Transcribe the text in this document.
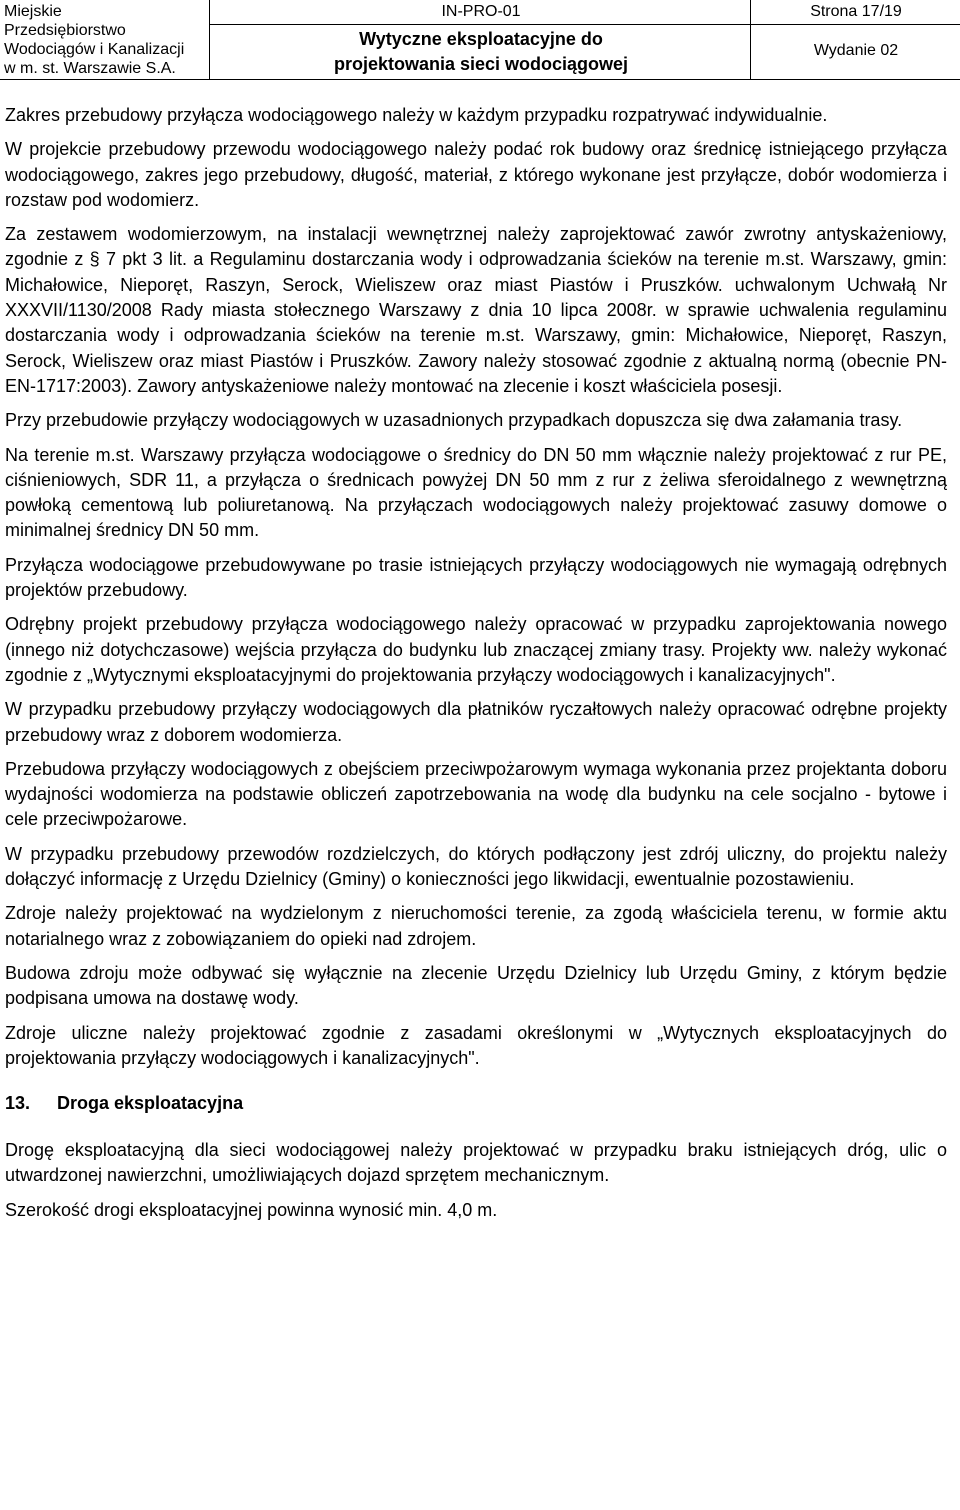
Miejskie
Przedsiębiorstwo
Wodociągów i Kanalizacji
w m. st. Warszawie S.A.
IN-PRO-01
Wytyczne eksploatacyjne do
projektowania sieci wodociągowej
Strona 17/19
Wydanie 02

Zakres przebudowy przyłącza wodociągowego należy w każdym przypadku rozpatrywać indywidualnie.

W projekcie przebudowy przewodu wodociągowego należy podać rok budowy oraz średnicę istniejącego przyłącza wodociągowego, zakres jego przebudowy, długość, materiał, z którego wykonane jest przyłącze, dobór wodomierza i rozstaw pod wodomierz.

Za zestawem wodomierzowym, na instalacji wewnętrznej należy zaprojektować zawór zwrotny antyskażeniowy, zgodnie z § 7 pkt 3 lit. a Regulaminu dostarczania wody i odprowadzania ścieków na terenie m.st. Warszawy, gmin: Michałowice, Nieporęt, Raszyn, Serock, Wieliszew oraz miast Piastów i Pruszków. uchwalonym Uchwałą Nr XXXVII/1130/2008 Rady miasta stołecznego Warszawy z dnia 10 lipca 2008r. w sprawie uchwalenia regulaminu dostarczania wody i odprowadzania ścieków na terenie m.st. Warszawy, gmin: Michałowice, Nieporęt, Raszyn, Serock, Wieliszew oraz miast Piastów i Pruszków. Zawory należy stosować zgodnie z aktualną normą (obecnie PN-EN-1717:2003). Zawory antyskażeniowe należy montować na zlecenie i koszt właściciela posesji.

Przy przebudowie przyłączy wodociągowych w uzasadnionych przypadkach dopuszcza się dwa załamania trasy.

Na terenie m.st. Warszawy przyłącza wodociągowe o średnicy do DN 50 mm włącznie należy projektować z rur PE, ciśnieniowych, SDR 11, a przyłącza o średnicach powyżej DN 50 mm z rur z żeliwa sferoidalnego z wewnętrzną powłoką cementową lub poliuretanową. Na przyłączach wodociągowych należy projektować zasuwy domowe o minimalnej średnicy DN 50 mm.

Przyłącza wodociągowe przebudowywane po trasie istniejących przyłączy wodociągowych nie wymagają odrębnych projektów przebudowy.

Odrębny projekt przebudowy przyłącza wodociągowego należy opracować w przypadku zaprojektowania nowego (innego niż dotychczasowe) wejścia przyłącza do budynku lub znaczącej zmiany trasy. Projekty ww. należy wykonać zgodnie z „Wytycznymi eksploatacyjnymi do projektowania przyłączy wodociągowych i kanalizacyjnych".

W przypadku przebudowy przyłączy wodociągowych dla płatników ryczałtowych należy opracować odrębne projekty przebudowy wraz z doborem wodomierza.

Przebudowa przyłączy wodociągowych z obejściem przeciwpożarowym wymaga wykonania przez projektanta doboru wydajności wodomierza na podstawie obliczeń zapotrzebowania na wodę dla budynku na cele socjalno - bytowe i cele przeciwpożarowe.

W przypadku przebudowy przewodów rozdzielczych, do których podłączony jest zdrój uliczny, do projektu należy dołączyć informację z Urzędu Dzielnicy (Gminy) o konieczności jego likwidacji, ewentualnie pozostawieniu.

Zdroje należy projektować na wydzielonym z nieruchomości terenie, za zgodą właściciela terenu, w formie aktu notarialnego wraz z zobowiązaniem do opieki nad zdrojem.

Budowa zdroju może odbywać się wyłącznie na zlecenie Urzędu Dzielnicy lub Urzędu Gminy, z którym będzie podpisana umowa na dostawę wody.

Zdroje uliczne należy projektować zgodnie z zasadami określonymi w „Wytycznych eksploatacyjnych do projektowania przyłączy wodociągowych i kanalizacyjnych".

13.	Droga eksploatacyjna

Drogę eksploatacyjną dla sieci wodociągowej należy projektować w przypadku braku istniejących dróg, ulic o utwardzonej nawierzchni, umożliwiających dojazd sprzętem mechanicznym.

Szerokość drogi eksploatacyjnej powinna wynosić min. 4,0 m.
